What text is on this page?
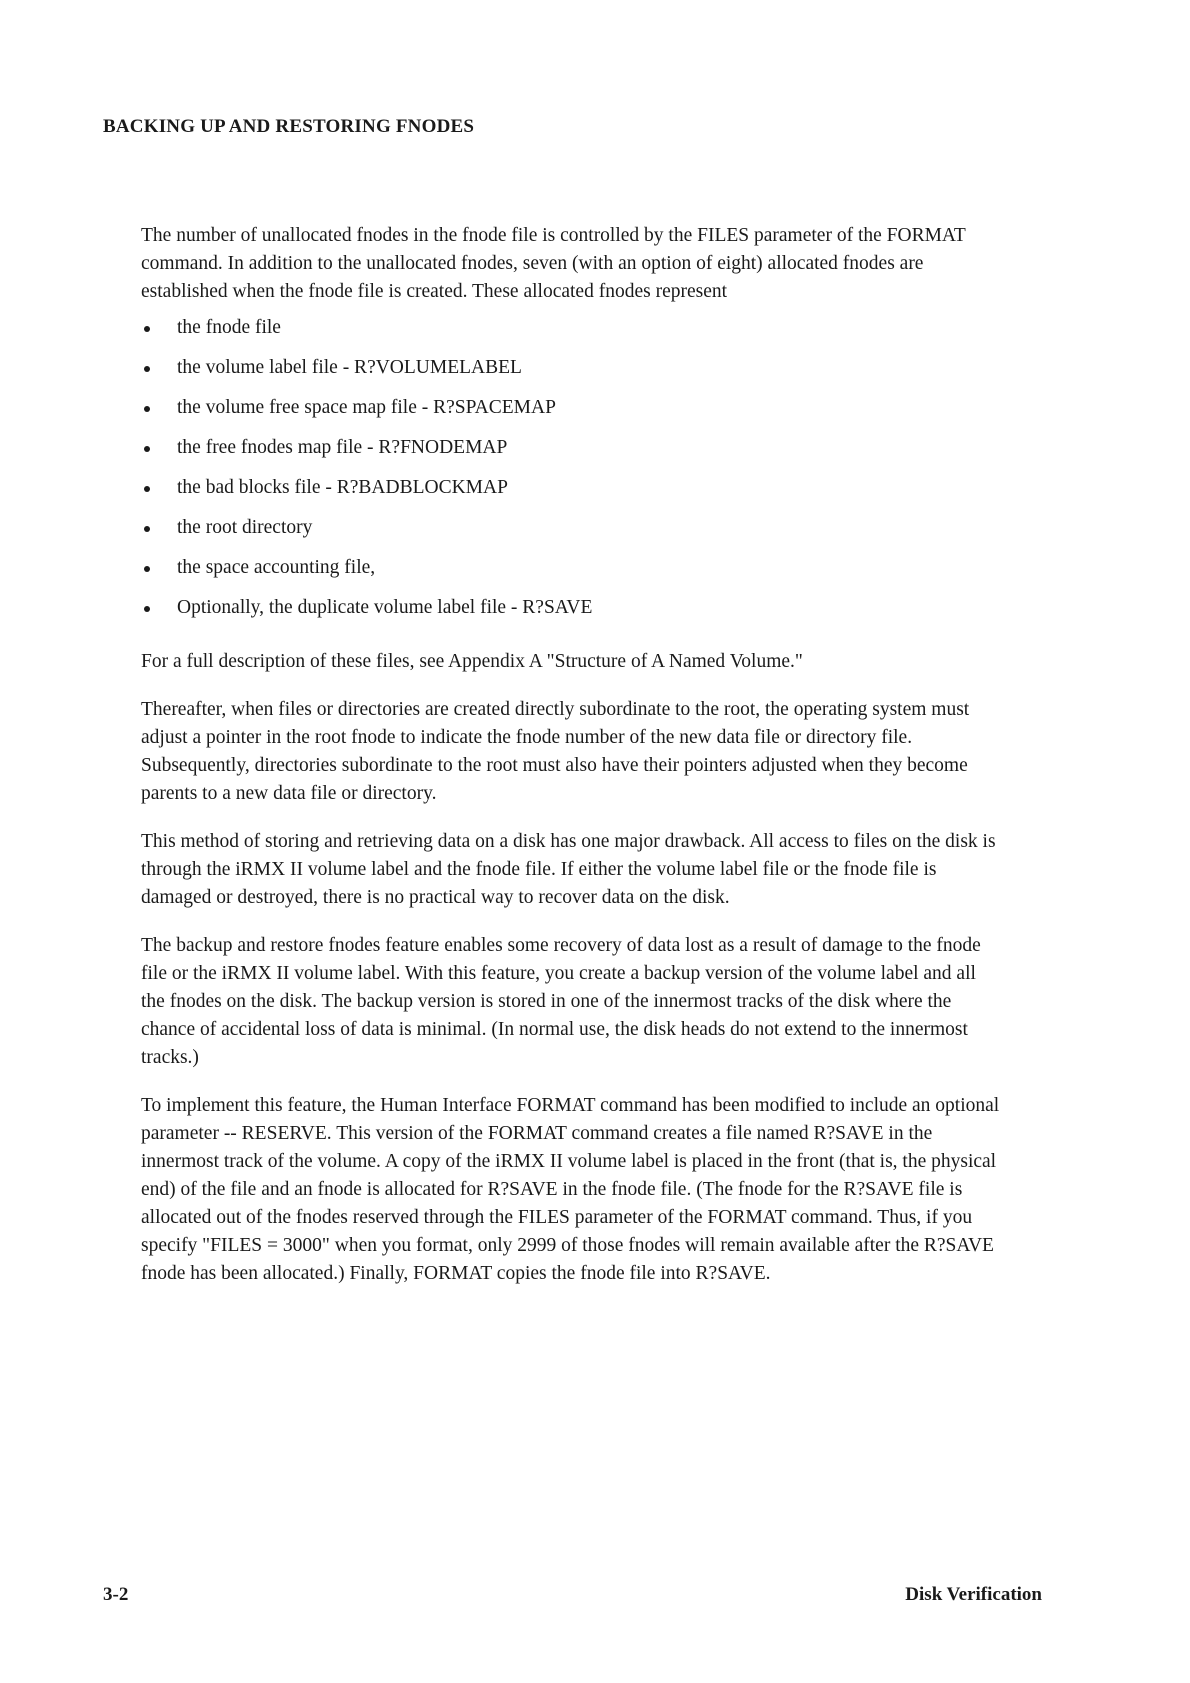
BACKING UP AND RESTORING FNODES

The number of unallocated fnodes in the fnode file is controlled by the FILES parameter of the FORMAT command. In addition to the unallocated fnodes, seven (with an option of eight) allocated fnodes are established when the fnode file is created. These allocated fnodes represent

the fnode file
the volume label file - R?VOLUMELABEL
the volume free space map file - R?SPACEMAP
the free fnodes map file - R?FNODEMAP
the bad blocks file - R?BADBLOCKMAP
the root directory
the space accounting file,
Optionally, the duplicate volume label file - R?SAVE

For a full description of these files, see Appendix A "Structure of A Named Volume."

Thereafter, when files or directories are created directly subordinate to the root, the operating system must adjust a pointer in the root fnode to indicate the fnode number of the new data file or directory file. Subsequently, directories subordinate to the root must also have their pointers adjusted when they become parents to a new data file or directory.

This method of storing and retrieving data on a disk has one major drawback. All access to files on the disk is through the iRMX II volume label and the fnode file. If either the volume label file or the fnode file is damaged or destroyed, there is no practical way to recover data on the disk.

The backup and restore fnodes feature enables some recovery of data lost as a result of damage to the fnode file or the iRMX II volume label. With this feature, you create a backup version of the volume label and all the fnodes on the disk. The backup version is stored in one of the innermost tracks of the disk where the chance of accidental loss of data is minimal. (In normal use, the disk heads do not extend to the innermost tracks.)

To implement this feature, the Human Interface FORMAT command has been modified to include an optional parameter -- RESERVE. This version of the FORMAT command creates a file named R?SAVE in the innermost track of the volume. A copy of the iRMX II volume label is placed in the front (that is, the physical end) of the file and an fnode is allocated for R?SAVE in the fnode file. (The fnode for the R?SAVE file is allocated out of the fnodes reserved through the FILES parameter of the FORMAT command. Thus, if you specify "FILES = 3000" when you format, only 2999 of those fnodes will remain available after the R?SAVE fnode has been allocated.) Finally, FORMAT copies the fnode file into R?SAVE.

3-2	Disk Verification
